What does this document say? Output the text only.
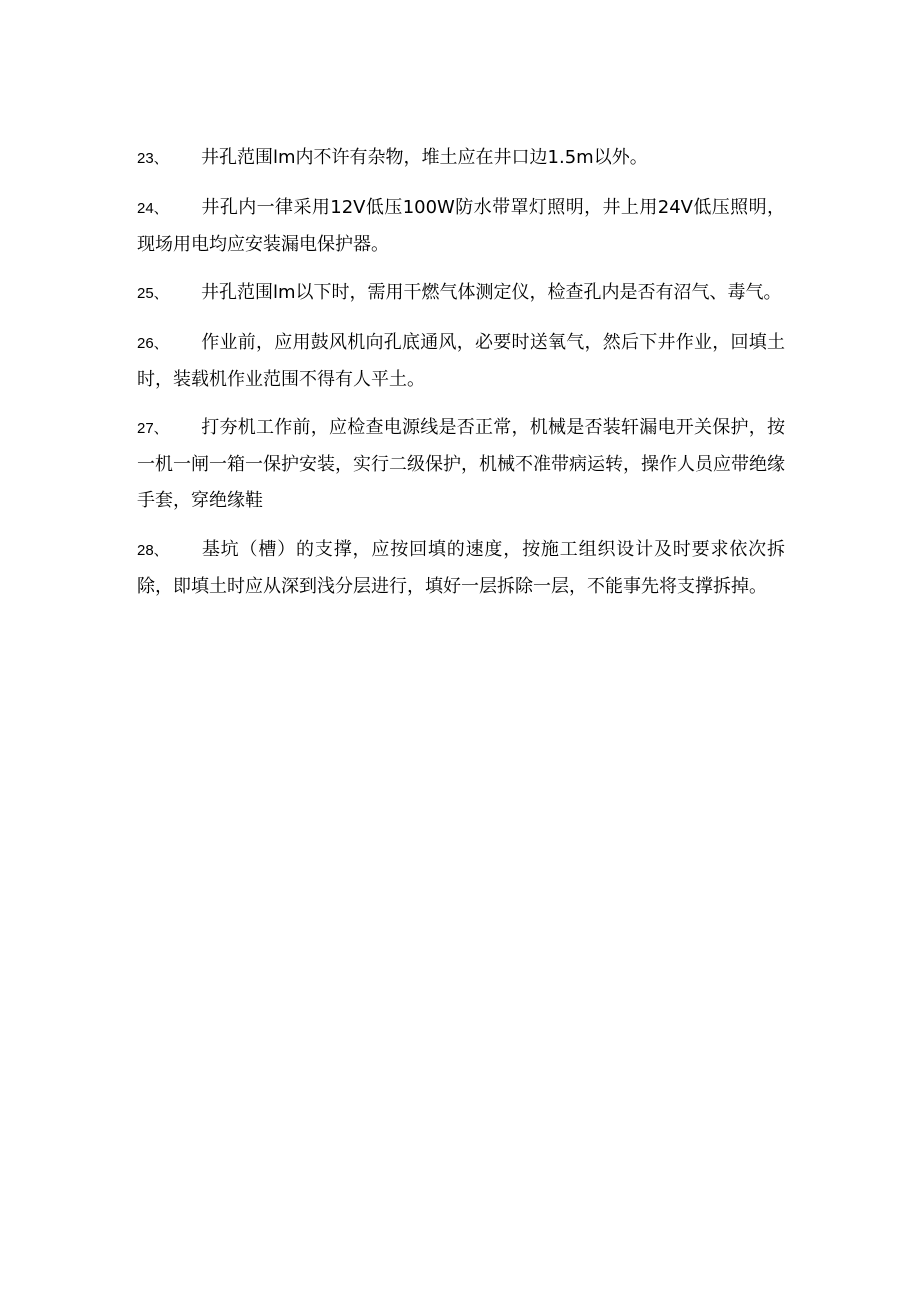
23、 井孔范围lm内不许有杂物，堆土应在井口边1.5m以外。

24、 井孔内一律采用12V低压100W防水带罩灯照明，井上用24V低压照明，现场用电均应安装漏电保护器。

25、 井孔范围lm以下时，需用干燃气体测定仪，检查孔内是否有沼气、毒气。

26、 作业前，应用鼓风机向孔底通风，必要时送氧气，然后下井作业，回填土时，装载机作业范围不得有人平土。

27、 打夯机工作前，应检查电源线是否正常，机械是否装轩漏电开关保护，按一机一闸一箱一保护安装，实行二级保护，机械不准带病运转，操作人员应带绝缘手套，穿绝缘鞋

28、 基坑（槽）的支撑，应按回填的速度，按施工组织设计及时要求依次拆除，即填土时应从深到浅分层进行，填好一层拆除一层，不能事先将支撑拆掉。
